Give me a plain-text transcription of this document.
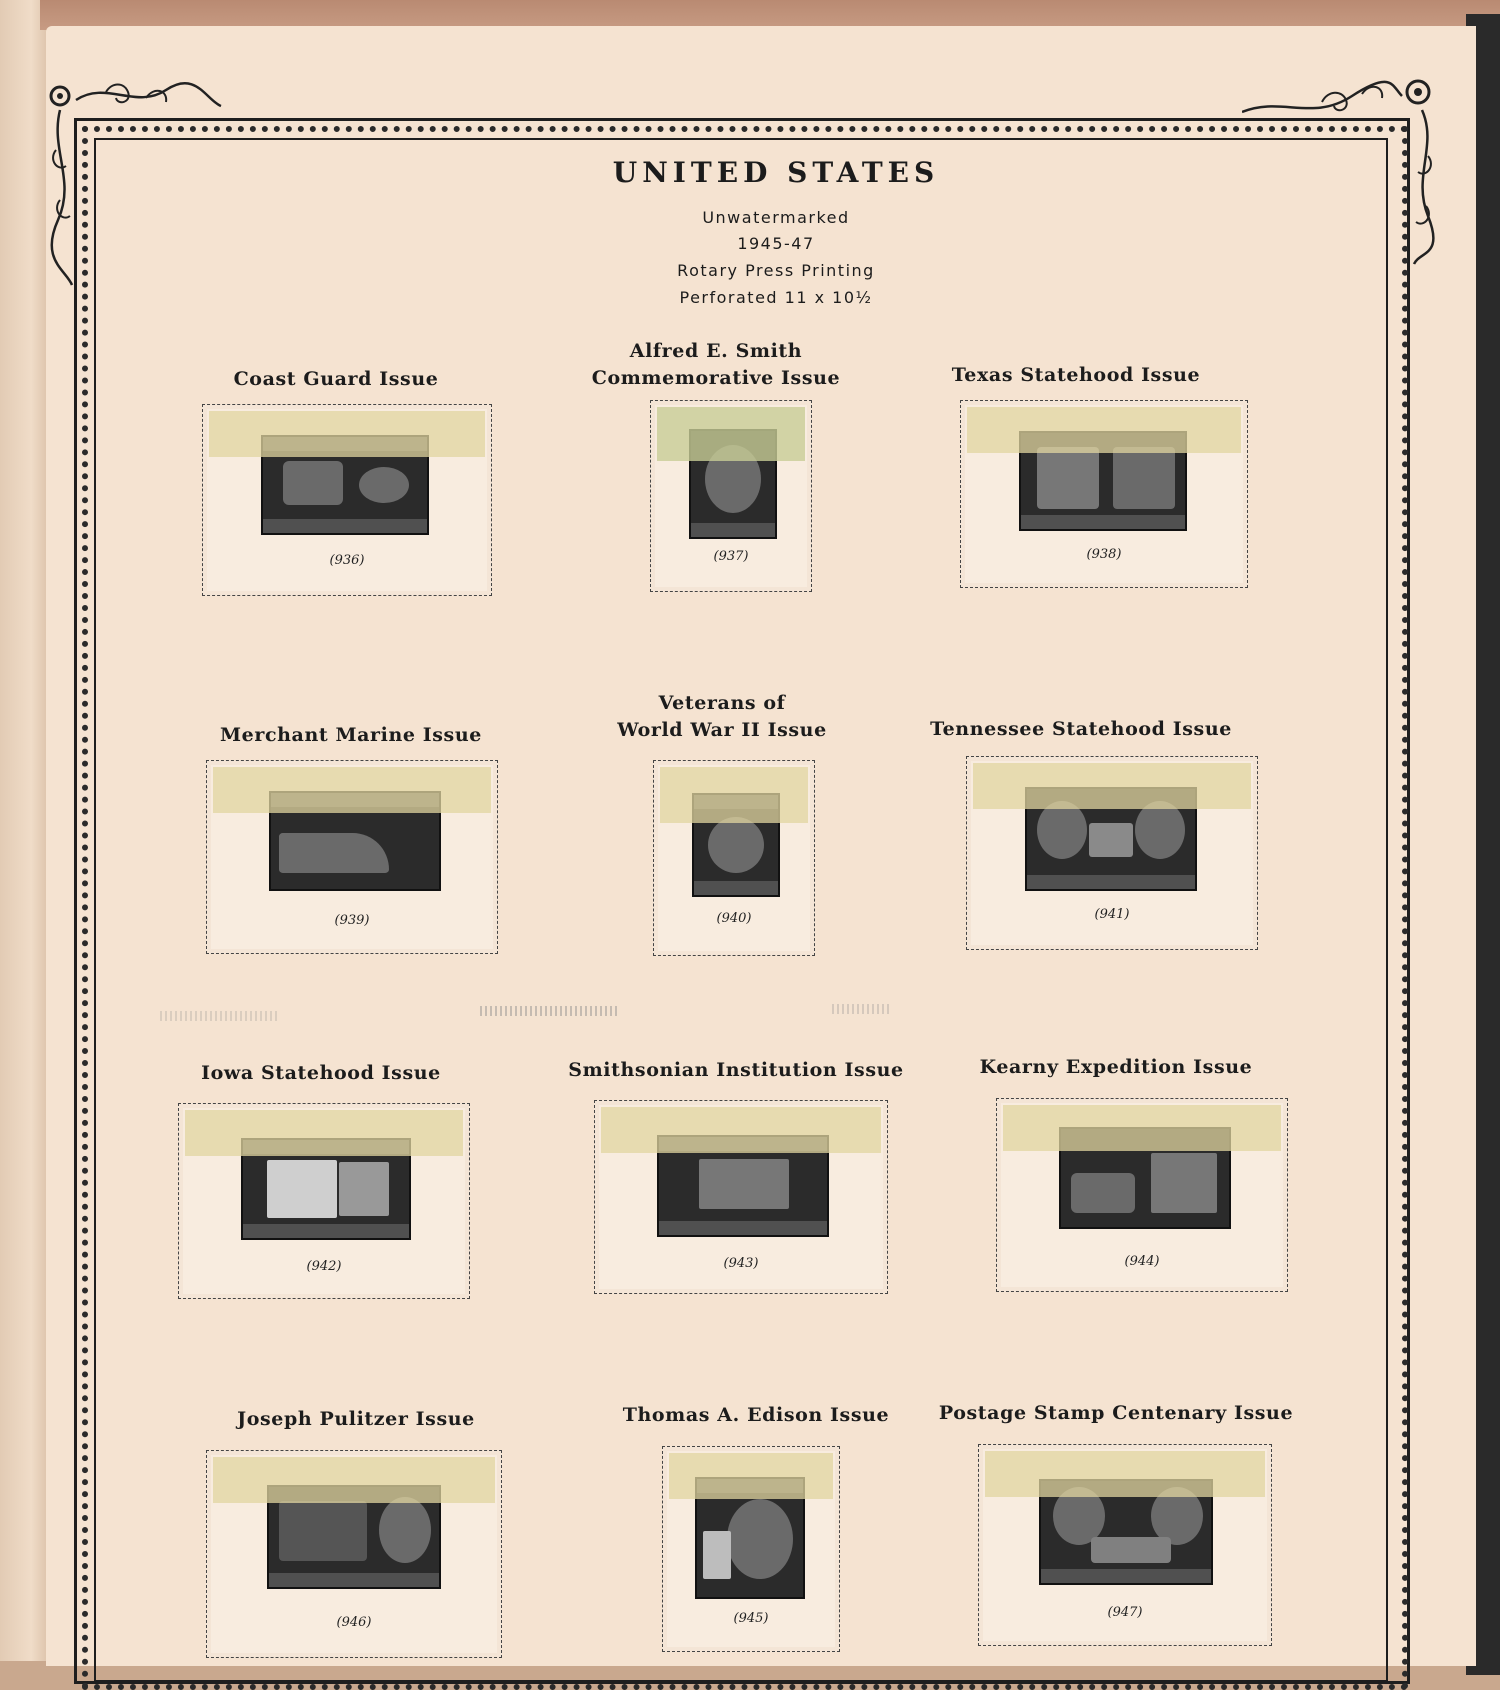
UNITED STATES
Unwatermarked
1945-47
Rotary Press Printing
Perforated 11 x 10½
Coast Guard Issue
(936)
Alfred E. Smith
Commemorative Issue
(937)
Texas Statehood Issue
(938)
Merchant Marine Issue
(939)
Veterans of
World War II Issue
(940)
Tennessee Statehood Issue
(941)
Iowa Statehood Issue
(942)
Smithsonian Institution Issue
(943)
Kearny Expedition Issue
(944)
Joseph Pulitzer Issue
(946)
Thomas A. Edison Issue
(945)
Postage Stamp Centenary Issue
(947)
